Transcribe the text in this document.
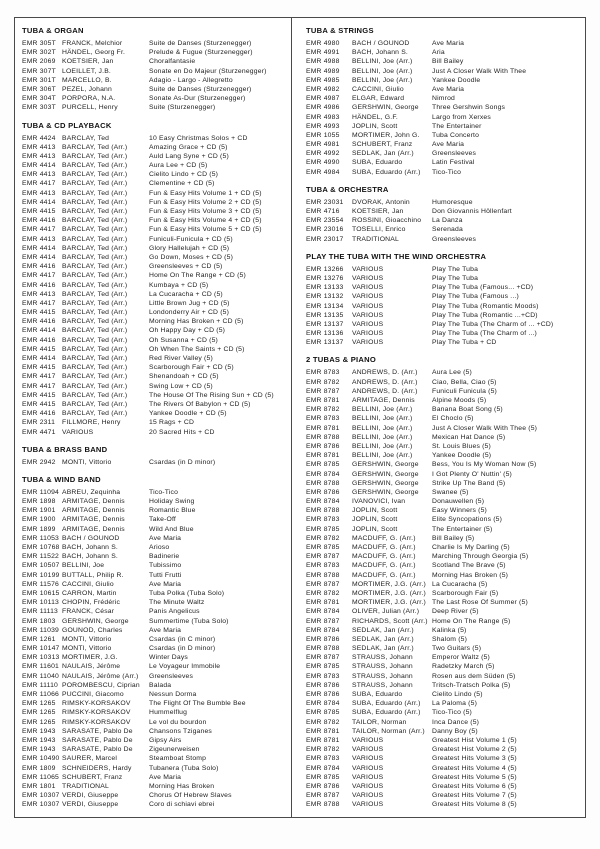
TUBA & ORGAN
EMR 305T FRANCK, Melchior	Suite de Danses (Sturzenegger)
EMR 302T HÄNDEL, Georg Fr.	Prelude & Fugue (Sturzenegger)
EMR 2069 KOETSIER, Jan	Choralfantasie
EMR 307T LOEILLET, J.B.	Sonate en Do Majeur (Sturzenegger)
EMR 301T MARCELLO, B.	Adagio - Largo - Allegretto
EMR 306T PEZEL, Johann	Suite de Danses (Sturzenegger)
EMR 304T PORPORA, N.A.	Sonate As-Dur (Sturzenegger)
EMR 303T PURCELL, Henry	Suite (Sturzenegger)
TUBA & CD PLAYBACK
EMR 4424 BARCLAY, Ted	10 Easy Christmas Solos + CD
EMR 4413 BARCLAY, Ted (Arr.)	Amazing Grace + CD (5)
EMR 4413 BARCLAY, Ted (Arr.)	Auld Lang Syne + CD (5)
EMR 4414 BARCLAY, Ted (Arr.)	Aura Lee + CD (5)
EMR 4413 BARCLAY, Ted (Arr.)	Cielito Lindo + CD (5)
EMR 4417 BARCLAY, Ted (Arr.)	Clementine + CD (5)
EMR 4413 BARCLAY, Ted (Arr.)	Fun & Easy Hits Volume 1 + CD (5)
EMR 4414 BARCLAY, Ted (Arr.)	Fun & Easy Hits Volume 2 + CD (5)
EMR 4415 BARCLAY, Ted (Arr.)	Fun & Easy Hits Volume 3 + CD (5)
EMR 4416 BARCLAY, Ted (Arr.)	Fun & Easy Hits Volume 4 + CD (5)
EMR 4417 BARCLAY, Ted (Arr.)	Fun & Easy Hits Volume 5 + CD (5)
EMR 4413 BARCLAY, Ted (Arr.)	Funiculi-Funicula + CD (5)
EMR 4414 BARCLAY, Ted (Arr.)	Glory Hallelujah + CD (5)
EMR 4414 BARCLAY, Ted (Arr.)	Go Down, Moses + CD (5)
EMR 4416 BARCLAY, Ted (Arr.)	Greensleeves + CD (5)
EMR 4417 BARCLAY, Ted (Arr.)	Home On The Range + CD (5)
EMR 4416 BARCLAY, Ted (Arr.)	Kumbaya + CD (5)
EMR 4413 BARCLAY, Ted (Arr.)	La Cucaracha + CD (5)
EMR 4417 BARCLAY, Ted (Arr.)	Little Brown Jug + CD (5)
EMR 4415 BARCLAY, Ted (Arr.)	Londonderry Air + CD (5)
EMR 4416 BARCLAY, Ted (Arr.)	Morning Has Broken + CD (5)
EMR 4414 BARCLAY, Ted (Arr.)	Oh Happy Day + CD (5)
EMR 4416 BARCLAY, Ted (Arr.)	Oh Susanna + CD (5)
EMR 4415 BARCLAY, Ted (Arr.)	Oh When The Saints + CD (5)
EMR 4414 BARCLAY, Ted (Arr.)	Red River Valley (5)
EMR 4415 BARCLAY, Ted (Arr.)	Scarborough Fair + CD (5)
EMR 4417 BARCLAY, Ted (Arr.)	Shenandoah + CD (5)
EMR 4417 BARCLAY, Ted (Arr.)	Swing Low + CD (5)
EMR 4415 BARCLAY, Ted (Arr.)	The House Of The Rising Sun + CD (5)
EMR 4415 BARCLAY, Ted (Arr.)	The Rivers Of Babylon + CD (5)
EMR 4416 BARCLAY, Ted (Arr.)	Yankee Doodle + CD (5)
EMR 2311	FILLMORE, Henry	15 Rags + CD
EMR 4471 VARIOUS	20 Sacred Hits + CD
TUBA & BRASS BAND
EMR 2942 MONTI, Vittorio	Csardas (in D minor)
TUBA & WIND BAND
EMR 11094 ABREU, Zequinha	Tico-Tico
EMR 1898 ARMITAGE, Dennis	Holiday Swing
EMR 1901 ARMITAGE, Dennis	Romantic Blue
EMR 1900 ARMITAGE, Dennis	Take-Off
EMR 1899 ARMITAGE, Dennis	Wild And Blue
EMR 11053 BACH / GOUNOD	Ave Maria
EMR 10768 BACH, Johann S.	Arioso
EMR 11522 BACH, Johann S.	Badinerie
EMR 10507 BELLINI, Joe	Tubissimo
EMR 10199 BUTTALL, Philip R.	Tutti Frutti
EMR 11576 CACCINI, Giulio	Ave Maria
EMR 10615 CARRON, Martin	Tuba Polka (Tuba Solo)
EMR 10113 CHOPIN, Frédéric	The Minute Waltz
EMR 11113 FRANCK, César	Panis Angelicus
EMR 1803 GERSHWIN, George	Summertime (Tuba Solo)
EMR 11039 GOUNOD, Charles	Ave Maria
EMR 1261 MONTI, Vittorio	Csardas (in C minor)
EMR 10147 MONTI, Vittorio	Csardas (in D minor)
EMR 10313 MORTIMER, J.G.	Winter Days
EMR 11601 NAULAIS, Jérôme	Le Voyageur Immobile
EMR 11040 NAULAIS, Jérôme (Arr.)	Greensleeves
EMR 11110 POROMBESCU, Ciprian	Balada
EMR 11066 PUCCINI, Giacomo	Nessun Dorma
EMR 1265 RIMSKY-KORSAKOV	The Flight Of The Bumble Bee
EMR 1265 RIMSKY-KORSAKOV	Hummelflug
EMR 1265 RIMSKY-KORSAKOV	Le vol du bourdon
EMR 1943 SARASATE, Pablo De	Chansons Tziganes
EMR 1943 SARASATE, Pablo De	Gipsy Airs
EMR 1943 SARASATE, Pablo De	Zigeunerweisen
EMR 10490 SAURER, Marcel	Steamboat Stomp
EMR 1809 SCHNEIDERS, Hardy	Tubanera (Tuba Solo)
EMR 11065 SCHUBERT, Franz	Ave Maria
EMR 1801 TRADITIONAL	Morning Has Broken
EMR 10307 VERDI, Giuseppe	Chorus Of Hebrew Slaves
EMR 10307 VERDI, Giuseppe	Coro di schiavi ebrei
TUBA & STRINGS
EMR 4980	BACH / GOUNOD	Ave Maria
EMR 4991	BACH, Johann S.	Aria
EMR 4988	BELLINI, Joe (Arr.)	Bill Bailey
EMR 4989	BELLINI, Joe (Arr.)	Just A Closer Walk With Thee
EMR 4985	BELLINI, Joe (Arr.)	Yankee Doodle
EMR 4982	CACCINI, Giulio	Ave Maria
EMR 4987	ELGAR, Edward	Nimrod
EMR 4986	GERSHWIN, George	Three Gershwin Songs
EMR 4983	HÄNDEL, G.F.	Largo from Xerxes
EMR 4993	JOPLIN, Scott	The Entertainer
EMR 1055	MORTIMER, John G.	Tuba Concerto
EMR 4981	SCHUBERT, Franz	Ave Maria
EMR 4992	SEDLAK, Jan (Arr.)	Greensleeves
EMR 4990	SUBA, Eduardo	Latin Festival
EMR 4984	SUBA, Eduardo (Arr.)	Tico-Tico
TUBA & ORCHESTRA
EMR 23031	DVORAK, Antonin	Humoresque
EMR 4716	KOETSIER, Jan	Don Giovannis Höllenfart
EMR 23554	ROSSINI, Gioacchino	La Danza
EMR 23016	TOSELLI, Enrico	Serenada
EMR 23017	TRADITIONAL	Greensleeves
PLAY THE TUBA WITH THE WIND ORCHESTRA
EMR 13266	VARIOUS	Play The Tuba
EMR 13276	VARIOUS	Play The Tuba
EMR 13133	VARIOUS	Play The Tuba (Famous... +CD)
EMR 13132	VARIOUS	Play The Tuba (Famous ...)
EMR 13134	VARIOUS	Play The Tuba (Romantic Moods)
EMR 13135	VARIOUS	Play The Tuba (Romantic ...+CD)
EMR 13137	VARIOUS	Play The Tuba (The Charm of ... +CD)
EMR 13136	VARIOUS	Play The Tuba (The Charm of ...)
EMR 13137	VARIOUS	Play The Tuba + CD
2 TUBAS & PIANO
EMR 8783	ANDREWS, D. (Arr.)	Aura Lee (5)
EMR 8782	ANDREWS, D. (Arr.)	Ciao, Bella, Ciao (5)
EMR 8787	ANDREWS, D. (Arr.)	Funiculi Funicula (5)
EMR 8781	ARMITAGE, Dennis	Alpine Moods (5)
EMR 8782	BELLINI, Joe (Arr.)	Banana Boat Song (5)
EMR 8783	BELLINI, Joe (Arr.)	El Choclo (5)
EMR 8781	BELLINI, Joe (Arr.)	Just A Closer Walk With Thee (5)
EMR 8788	BELLINI, Joe (Arr.)	Mexican Hat Dance (5)
EMR 8786	BELLINI, Joe (Arr.)	St. Louis Blues (5)
EMR 8781	BELLINI, Joe (Arr.)	Yankee Doodle (5)
EMR 8785	GERSHWIN, George	Bess, You Is My Woman Now (5)
EMR 8784	GERSHWIN, George	I Got Plenty O' Nuttin' (5)
EMR 8788	GERSHWIN, George	Strike Up The Band (5)
EMR 8786	GERSHWIN, George	Swanee (5)
EMR 8784	IVANOVICI, Ivan	Donauwellen (5)
EMR 8788	JOPLIN, Scott	Easy Winners (5)
EMR 8783	JOPLIN, Scott	Elite Syncopations (5)
EMR 8785	JOPLIN, Scott	The Entertainer (5)
EMR 8782	MACDUFF, G. (Arr.)	Bill Bailey (5)
EMR 8785	MACDUFF, G. (Arr.)	Charlie Is My Darling (5)
EMR 8787	MACDUFF, G. (Arr.)	Marching Through Georgia (5)
EMR 8783	MACDUFF, G. (Arr.)	Scotland The Brave (5)
EMR 8788	MACDUFF, G. (Arr.)	Morning Has Broken (5)
EMR 8787	MORTIMER, J.G. (Arr.) La Cucaracha (5)
EMR 8782	MORTIMER, J.G. (Arr.) Scarborough Fair (5)
EMR 8781	MORTIMER, J.G. (Arr.) The Last Rose Of Summer (5)
EMR 8784	OLIVER, Julian (Arr.)	Deep River (5)
EMR 8787	RICHARDS, Scott (Arr.) Home On The Range (5)
EMR 8784	SEDLAK, Jan (Arr.)	Kalinka (5)
EMR 8786	SEDLAK, Jan (Arr.)	Shalom (5)
EMR 8788	SEDLAK, Jan (Arr.)	Two Guitars (5)
EMR 8787	STRAUSS, Johann	Emperor Waltz (5)
EMR 8785	STRAUSS, Johann	Radetzky March (5)
EMR 8783	STRAUSS, Johann	Rosen aus dem Süden (5)
EMR 8786	STRAUSS, Johann	Tritsch-Tratsch Polka (5)
EMR 8786	SUBA, Eduardo	Cielito Lindo (5)
EMR 8784	SUBA, Eduardo (Arr.)	La Paloma (5)
EMR 8785	SUBA, Eduardo (Arr.)	Tico-Tico (5)
EMR 8782	TAILOR, Norman	Inca Dance (5)
EMR 8781	TAILOR, Norman (Arr.)	Danny Boy (5)
EMR 8781	VARIOUS	Greatest Hist Volume 1 (5)
EMR 8782	VARIOUS	Greatest Hist Volume 2 (5)
EMR 8783	VARIOUS	Greatest Hits Volume 3 (5)
EMR 8784	VARIOUS	Greatest Hits Volume 4 (5)
EMR 8785	VARIOUS	Greatest Hits Volume 5 (5)
EMR 8786	VARIOUS	Greatest Hits Volume 6 (5)
EMR 8787	VARIOUS	Greatest Hits Volume 7 (5)
EMR 8788	VARIOUS	Greatest Hits Volume 8 (5)
